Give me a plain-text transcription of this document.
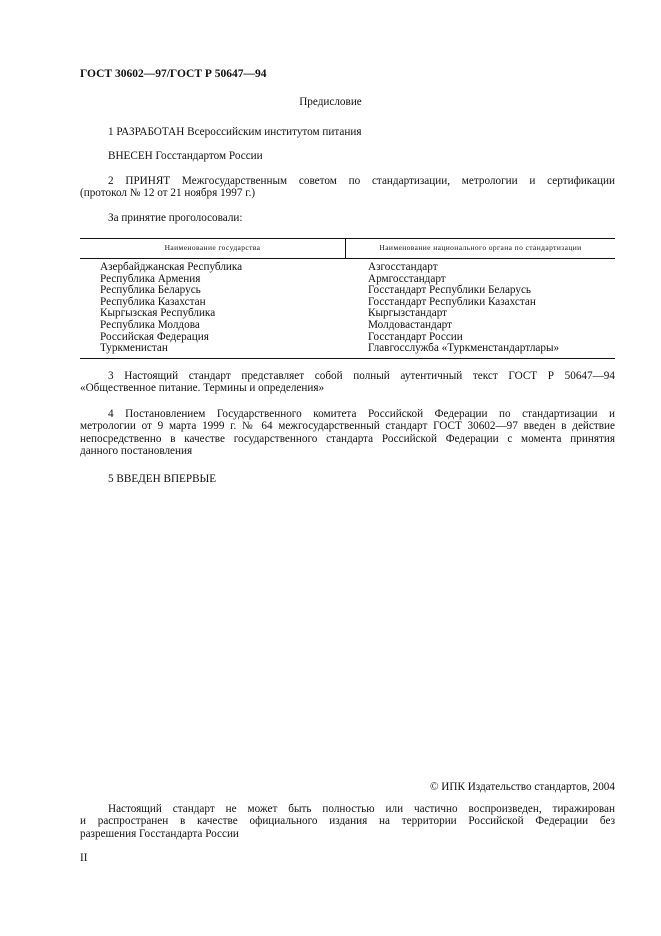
ГОСТ 30602—97/ГОСТ Р 50647—94
Предисловие
1 РАЗРАБОТАН Всероссийским институтом питания
ВНЕСЕН Госстандартом России
2 ПРИНЯТ Межгосударственным советом по стандартизации, метрологии и сертификации
(протокол № 12 от 21 ноября 1997 г.)
За принятие проголосовали:
Наименование государства	Наименование национального органа по стандартизации
Азербайджанская Республика
Республика Армения
Республика Беларусь
Республика Казахстан
Кыргызская Республика
Республика Молдова
Российская Федерация
Туркменистан
Азгосстандарт
Армгосстандарт
Госстандарт Республики Беларусь
Госстандарт Республики Казахстан
Кыргызстандарт
Молдовастандарт
Госстандарт России
Главгосслужба «Туркменстандартлары»
3 Настоящий стандарт представляет собой полный аутентичный текст ГОСТ Р 50647—94
«Общественное питание. Термины и определения»
4 Постановлением Государственного комитета Российской Федерации по стандартизации и
метрологии от 9 марта 1999 г. № 64 межгосударственный стандарт ГОСТ 30602—97 введен в действие
непосредственно в качестве государственного стандарта Российской Федерации с момента принятия
данного постановления
5 ВВЕДЕН ВПЕРВЫЕ
© ИПК Издательство стандартов, 2004
Настоящий стандарт не может быть полностью или частично воспроизведен, тиражирован
и распространен в качестве официального издания на территории Российской Федерации без
разрешения Госстандарта России
II
